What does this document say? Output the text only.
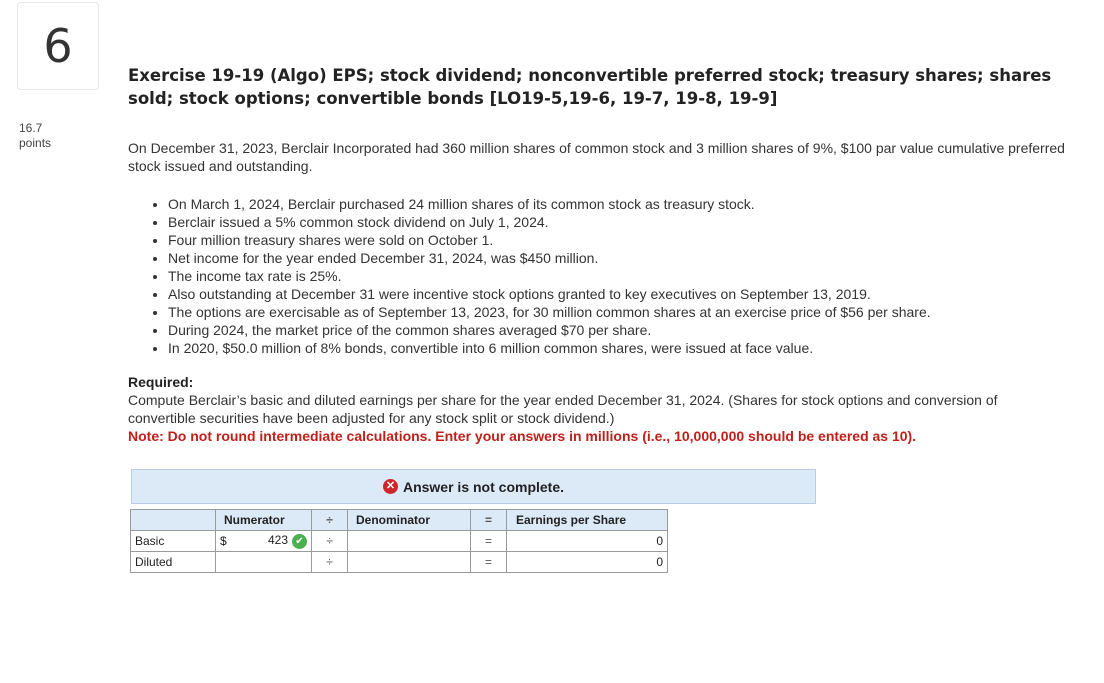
6
16.7
points
Exercise 19-19 (Algo) EPS; stock dividend; nonconvertible preferred stock; treasury shares; shares sold; stock options; convertible bonds [LO19-5,19-6, 19-7, 19-8, 19-9]
On December 31, 2023, Berclair Incorporated had 360 million shares of common stock and 3 million shares of 9%, $100 par value cumulative preferred stock issued and outstanding.
• On March 1, 2024, Berclair purchased 24 million shares of its common stock as treasury stock.
• Berclair issued a 5% common stock dividend on July 1, 2024.
• Four million treasury shares were sold on October 1.
• Net income for the year ended December 31, 2024, was $450 million.
• The income tax rate is 25%.
• Also outstanding at December 31 were incentive stock options granted to key executives on September 13, 2019.
• The options are exercisable as of September 13, 2023, for 30 million common shares at an exercise price of $56 per share.
• During 2024, the market price of the common shares averaged $70 per share.
• In 2020, $50.0 million of 8% bonds, convertible into 6 million common shares, were issued at face value.
Required:
Compute Berclair’s basic and diluted earnings per share for the year ended December 31, 2024. (Shares for stock options and conversion of convertible securities have been adjusted for any stock split or stock dividend.)
Note: Do not round intermediate calculations. Enter your answers in millions (i.e., 10,000,000 should be entered as 10).
✕ Answer is not complete.
	Numerator	÷	Denominator	=	Earnings per Share
Basic	$ 423 ✔	÷		=	0
Diluted		÷		=	0
